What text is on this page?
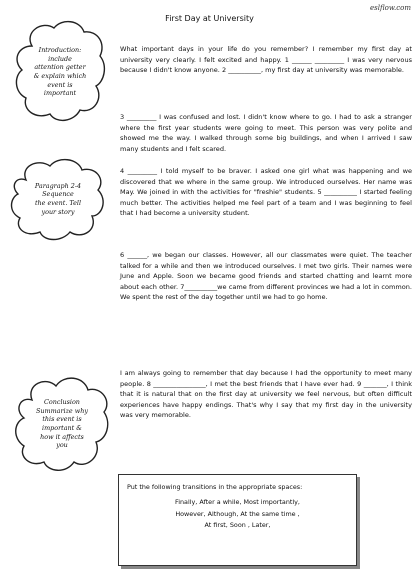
eslflow.com
First Day at University
Introduction:
include
attention getter
& explain which
event is
important
Paragraph 2-4
Sequence
the event. Tell
your story
Conclusion
Summarize why
this event is
important &
how it affects
you

What important days in your life do you remember? I remember my first day at university very clearly. I felt excited and happy. 1 ______ _________ I was very nervous because I didn't know anyone. 2 __________, my first day at university was memorable.

3 _________ I was confused and lost. I didn't know where to go. I had to ask a stranger where the first year students were going to meet. This person was very polite and showed me the way. I walked through some big buildings, and when I arrived I saw many students and I felt scared.

4 _________ I told myself to be braver. I asked one girl what was happening and we discovered that we where in the same group. We introduced ourselves. Her name was May. We joined in with the activities for "freshie" students. 5 __________ I started feeling much better. The activities helped me feel part of a team and I was beginning to feel that I had become a university student.

6 ______, we began our classes. However, all our classmates were quiet. The teacher talked for a while and then we introduced ourselves. I met two girls. Their names were June and Apple. Soon we became good friends and started chatting and learnt more about each other. 7__________we came from different provinces we had a lot in common. We spent the rest of the day together until we had to go home.

I am always going to remember that day because I had the opportunity to meet many people. 8 ________________, I met the best friends that I have ever had. 9 _______, I think that it is natural that on the first day at university we feel nervous, but often difficult experiences have happy endings. That's why I say that my first day in the university was very memorable.

Put the following transitions in the appropriate spaces:
Finally, After a while, Most importantly,
However, Although, At the same time ,
At first, Soon , Later,
